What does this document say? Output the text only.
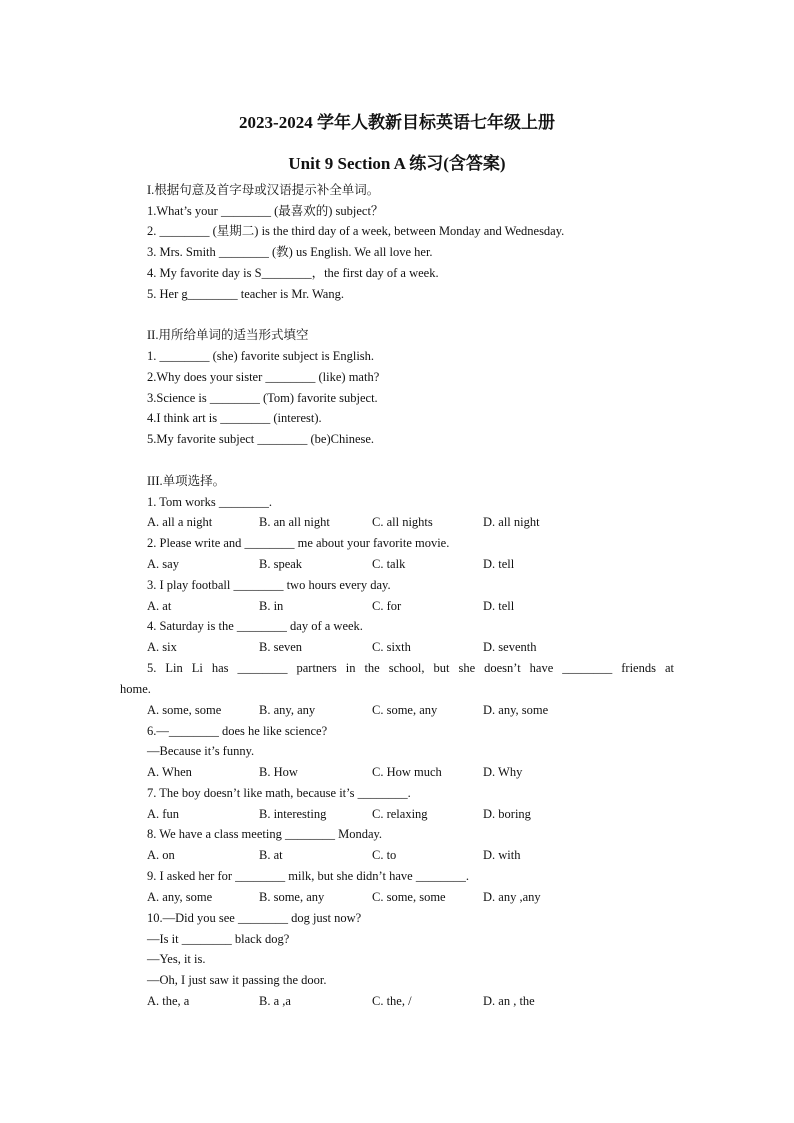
2023-2024 学年人教新目标英语七年级上册
Unit 9 Section A 练习(含答案)
I.根据句意及首字母或汉语提示补全单词。
1.What’s your ________ (最喜欢的) subject？
2. ________ (星期二) is the third day of a week, between Monday and Wednesday.
3. Mrs. Smith ________ (教) us English. We all love her.
4. My favorite day is S________，the first day of a week.
5. Her g________ teacher is Mr. Wang.
II.用所给单词的适当形式填空
1. ________ (she) favorite subject is English.
2.Why does your sister ________ (like) math?
3.Science is ________ (Tom) favorite subject.
4.I think art is ________ (interest).
5.My favorite subject ________ (be)Chinese.
III.单项选择。
1. Tom works ________.
A. all a night	B. an all night	C. all nights	D. all night
2. Please write and ________ me about your favorite movie.
A. say	B. speak	C. talk	D. tell
3. I play football ________ two hours every day.
A. at	B. in	C. for	D. tell
4. Saturday is the ________ day of a week.
A. six	B. seven	C. sixth	D. seventh
5. Lin Li has ________ partners in the school, but she doesn’t have ________ friends at
home.
A. some, some	B. any, any	C. some, any	D. any, some
6.—________ does he like science?
—Because it’s funny.
A. When	B. How	C. How much	D. Why
7. The boy doesn’t like math, because it’s ________.
A. fun	B. interesting	C. relaxing	D. boring
8. We have a class meeting ________ Monday.
A. on	B. at	C. to	D. with
9. I asked her for ________ milk, but she didn’t have ________.
A. any, some	B. some, any	C. some, some	D. any ,any
10.—Did you see ________ dog just now?
—Is it ________ black dog?
—Yes, it is.
—Oh, I just saw it passing the door.
A. the, a	B. a ,a	C. the, /	D. an , the
